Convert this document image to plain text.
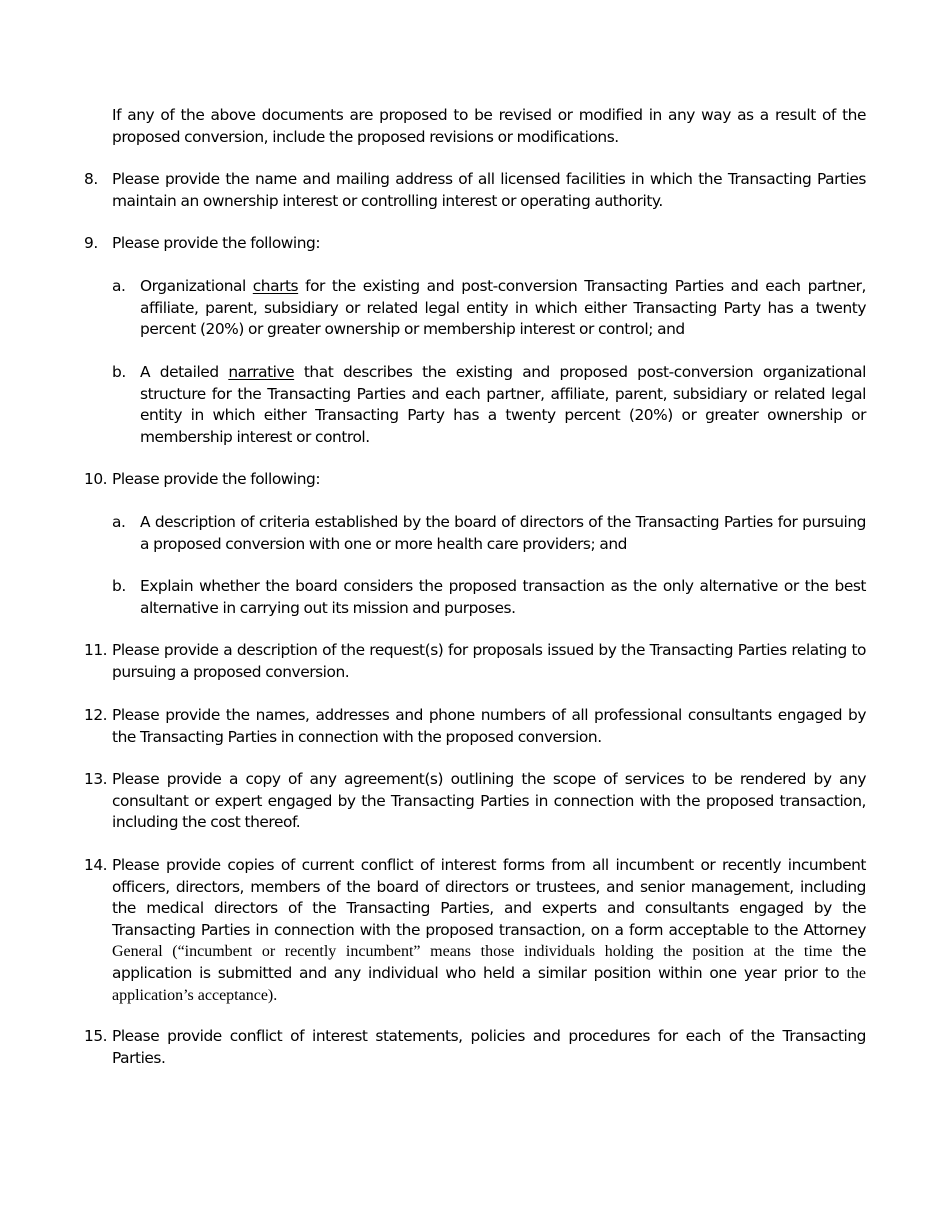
If any of the above documents are proposed to be revised or modified in any way as a result of the proposed conversion, include the proposed revisions or modifications.
8. Please provide the name and mailing address of all licensed facilities in which the Transacting Parties maintain an ownership interest or controlling interest or operating authority.
9. Please provide the following:
a. Organizational charts for the existing and post-conversion Transacting Parties and each partner, affiliate, parent, subsidiary or related legal entity in which either Transacting Party has a twenty percent (20%) or greater ownership or membership interest or control; and
b. A detailed narrative that describes the existing and proposed post-conversion organizational structure for the Transacting Parties and each partner, affiliate, parent, subsidiary or related legal entity in which either Transacting Party has a twenty percent (20%) or greater ownership or membership interest or control.
10. Please provide the following:
a. A description of criteria established by the board of directors of the Transacting Parties for pursuing a proposed conversion with one or more health care providers; and
b. Explain whether the board considers the proposed transaction as the only alternative or the best alternative in carrying out its mission and purposes.
11. Please provide a description of the request(s) for proposals issued by the Transacting Parties relating to pursuing a proposed conversion.
12. Please provide the names, addresses and phone numbers of all professional consultants engaged by the Transacting Parties in connection with the proposed conversion.
13. Please provide a copy of any agreement(s) outlining the scope of services to be rendered by any consultant or expert engaged by the Transacting Parties in connection with the proposed transaction, including the cost thereof.
14. Please provide copies of current conflict of interest forms from all incumbent or recently incumbent officers, directors, members of the board of directors or trustees, and senior management, including the medical directors of the Transacting Parties, and experts and consultants engaged by the Transacting Parties in connection with the proposed transaction, on a form acceptable to the Attorney General (“incumbent or recently incumbent” means those individuals holding the position at the time the application is submitted and any individual who held a similar position within one year prior to the application’s acceptance).
15. Please provide conflict of interest statements, policies and procedures for each of the Transacting Parties.
